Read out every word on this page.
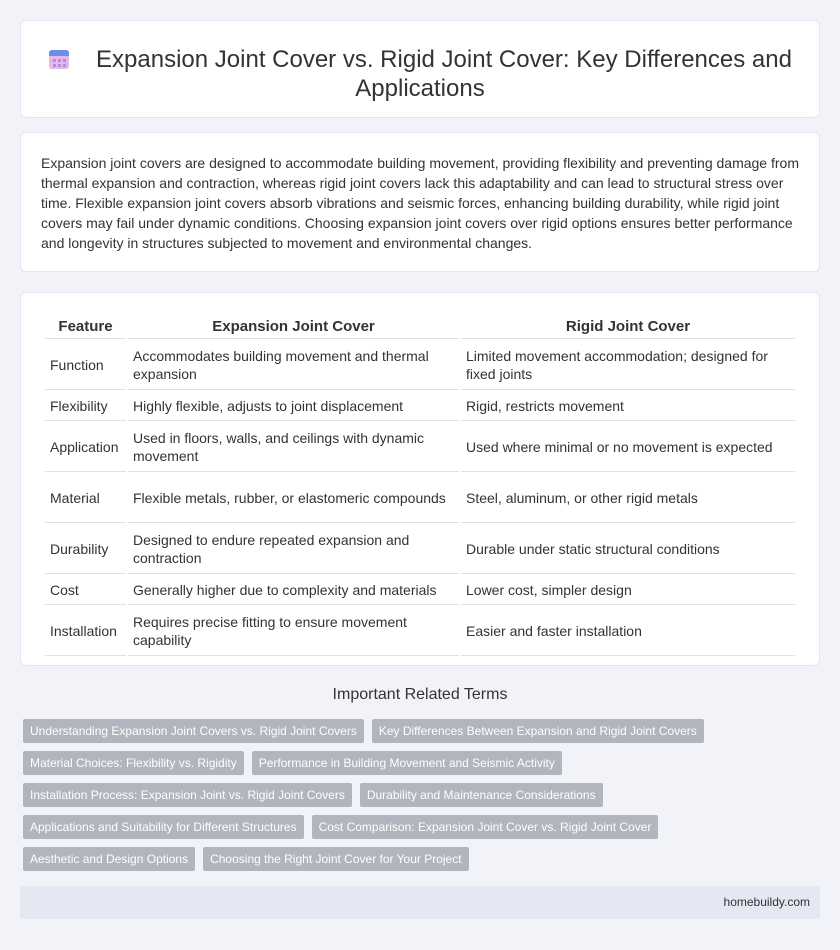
Expansion Joint Cover vs. Rigid Joint Cover: Key Differences and Applications

Expansion joint covers are designed to accommodate building movement, providing flexibility and preventing damage from thermal expansion and contraction, whereas rigid joint covers lack this adaptability and can lead to structural stress over time. Flexible expansion joint covers absorb vibrations and seismic forces, enhancing building durability, while rigid joint covers may fail under dynamic conditions. Choosing expansion joint covers over rigid options ensures better performance and longevity in structures subjected to movement and environmental changes.

Feature	Expansion Joint Cover	Rigid Joint Cover
Function	Accommodates building movement and thermal expansion	Limited movement accommodation; designed for fixed joints
Flexibility	Highly flexible, adjusts to joint displacement	Rigid, restricts movement
Application	Used in floors, walls, and ceilings with dynamic movement	Used where minimal or no movement is expected
Material	Flexible metals, rubber, or elastomeric compounds	Steel, aluminum, or other rigid metals
Durability	Designed to endure repeated expansion and contraction	Durable under static structural conditions
Cost	Generally higher due to complexity and materials	Lower cost, simpler design
Installation	Requires precise fitting to ensure movement capability	Easier and faster installation
Important Related Terms
Understanding Expansion Joint Covers vs. Rigid Joint Covers	Key Differences Between Expansion and Rigid Joint Covers
Material Choices: Flexibility vs. Rigidity	Performance in Building Movement and Seismic Activity
Installation Process: Expansion Joint vs. Rigid Joint Covers	Durability and Maintenance Considerations
Applications and Suitability for Different Structures	Cost Comparison: Expansion Joint Cover vs. Rigid Joint Cover
Aesthetic and Design Options	Choosing the Right Joint Cover for Your Project
homebuildy.com
